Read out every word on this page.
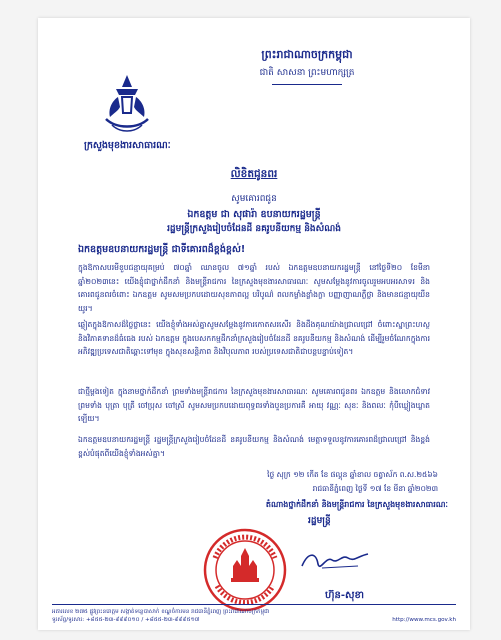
ព្រះរាជាណាចក្រកម្ពុជា
ជាតិ សាសនា ព្រះមហាក្សត្រ
ក្រសួងមុខងារសាធារណៈ
លិខិតជូនពរ
សូមគោរពជូន
ឯកឧត្តម ជា សុផារ៉ា ឧបនាយករដ្ឋមន្ត្រី
រដ្ឋមន្ត្រីក្រសួងរៀបចំដែនដី នគរូបនីយកម្ម និងសំណង់
ឯកឧត្តមឧបនាយករដ្ឋមន្ត្រី ជាទីគោរពដ៏ខ្ពង់ខ្ពស់!
ក្នុងឱកាសបរមីខួបជន្មាយុគម្រប់ ៧០ឆ្នាំ ឈានចូល ៧១ឆ្នាំ របស់ ឯកឧត្តមឧបនាយករដ្ឋមន្ត្រី នៅថ្ងៃទី២០ ខែមីនា ឆ្នាំ២០២៣នេះ យើងខ្ញុំជាថ្នាក់ដឹកនាំ និងមន្ត្រីរាជការ នៃក្រសួងមុខងារសាធារណៈ សូមសម្ដែងនូវការចូលរួមអបអរសាទរ និងគោរពជូនពរចំពោះ ឯកឧត្តម សូមសមប្រកបដោយសុខភាពល្អ បរិបូណ៌ ពលកម្លាំងខ្លាំងក្លា បញ្ញាញាណភ្លឺថ្លា និងមានជន្មាយុយឺនយូរ។
ឆ្លៀតក្នុងឱកាសដ៏ថ្លៃថ្លានេះ យើងខ្ញុំទាំងអស់គ្នាសូមសម្ដែងនូវការកោតសរសើរ និងដឹងគុណយ៉ាងជ្រាលជ្រៅ ចំពោះស្នាព្រះហស្ថ និងវិភាគទានដ៏ធំធេង របស់ ឯកឧត្តម ក្នុងបេសកកម្មដឹកនាំក្រសួងរៀបចំដែនដី នគរូបនីយកម្ម និងសំណង់ ដើម្បីរួមចំណែកក្នុងការអភិវឌ្ឍប្រទេសជាតិឆ្ពោះទៅមុខ ក្នុងសុខសន្តិភាព និងវិបុលភាព របស់ប្រទេសជាតិជាបន្តបន្ទាប់ទៀត។
ជាថ្មីម្ដងទៀត ក្នុងនាមថ្នាក់ដឹកនាំ ព្រមទាំងមន្ត្រីរាជការ នៃក្រសួងមុខងារសាធារណៈ សូមគោរពជូនពរ ឯកឧត្តម និងលោកជំទាវ ព្រមទាំង បុត្រា បុត្រី ចៅប្រុស ចៅស្រី សូមសមប្រកបដោយពុទ្ធពរទាំងបួនប្រការគឺ អាយុ វណ្ណៈ សុខៈ និងពលៈ កុំបីឃ្លៀងឃ្លាតឡើយ។
ឯកឧត្តមឧបនាយករដ្ឋមន្ត្រី រដ្ឋមន្ត្រីក្រសួងរៀបចំដែនដី នគរូបនីយកម្ម និងសំណង់ មេត្តាទទួលនូវការគោរពដ៏ជ្រាលជ្រៅ និងខ្ពង់ខ្ពស់បំផុតពីយើងខ្ញុំទាំងអស់គ្នា។
ថ្ងៃ សុក្រ ១២ កើត ខែ ផល្គុន ឆ្នាំខាល ចត្វាស័ក ព.ស.២៥៦៦
រាជធានីភ្នំពេញ ថ្ងៃទី ១៧ ខែ មីនា ឆ្នាំ២០២៣
តំណាងថ្នាក់ដឹកនាំ និងមន្ត្រីរាជការ នៃក្រសួងមុខងារសាធារណៈ
រដ្ឋមន្ត្រី
ហ៊ុន-សុខា
អគារលេខ ២៧៥ ផ្លូវព្រះនរោត្តម សង្កាត់ទន្លេបាសាក់ ខណ្ឌចំការមន រាជធានីភ្នំពេញ ព្រះរាជាណាចក្រកម្ពុជា
ទូរស័ព្ទ/ទូរសារ: +៨៥៥-២៣-៩៩៩០១០ / +៨៥៥-២៣-៩៩៩៥១៧	http://www.mcs.gov.kh
